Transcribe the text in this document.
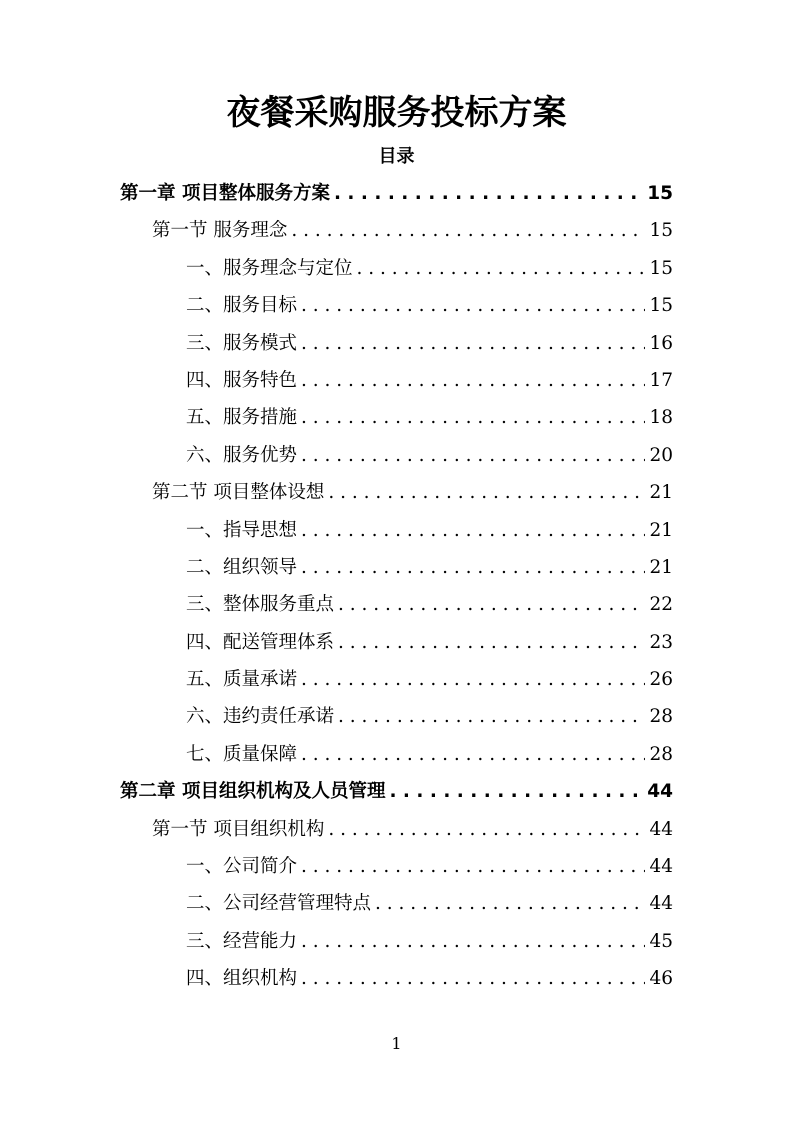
夜餐采购服务投标方案
目录
第一章 项目整体服务方案 . . .	15
第一节 服务理念 . . .	15
一、服务理念与定位 . . .	15
二、服务目标 . . .	15
三、服务模式 . . .	16
四、服务特色 . . .	17
五、服务措施 . . .	18
六、服务优势 . . .	20
第二节 项目整体设想 . . .	21
一、指导思想 . . .	21
二、组织领导 . . .	21
三、整体服务重点 . . .	22
四、配送管理体系 . . .	23
五、质量承诺 . . .	26
六、违约责任承诺 . . .	28
七、质量保障 . . .	28
第二章 项目组织机构及人员管理 . . .	44
第一节 项目组织机构 . . .	44
一、公司简介 . . .	44
二、公司经营管理特点 . . .	44
三、经营能力 . . .	45
四、组织机构 . . .	46
1
